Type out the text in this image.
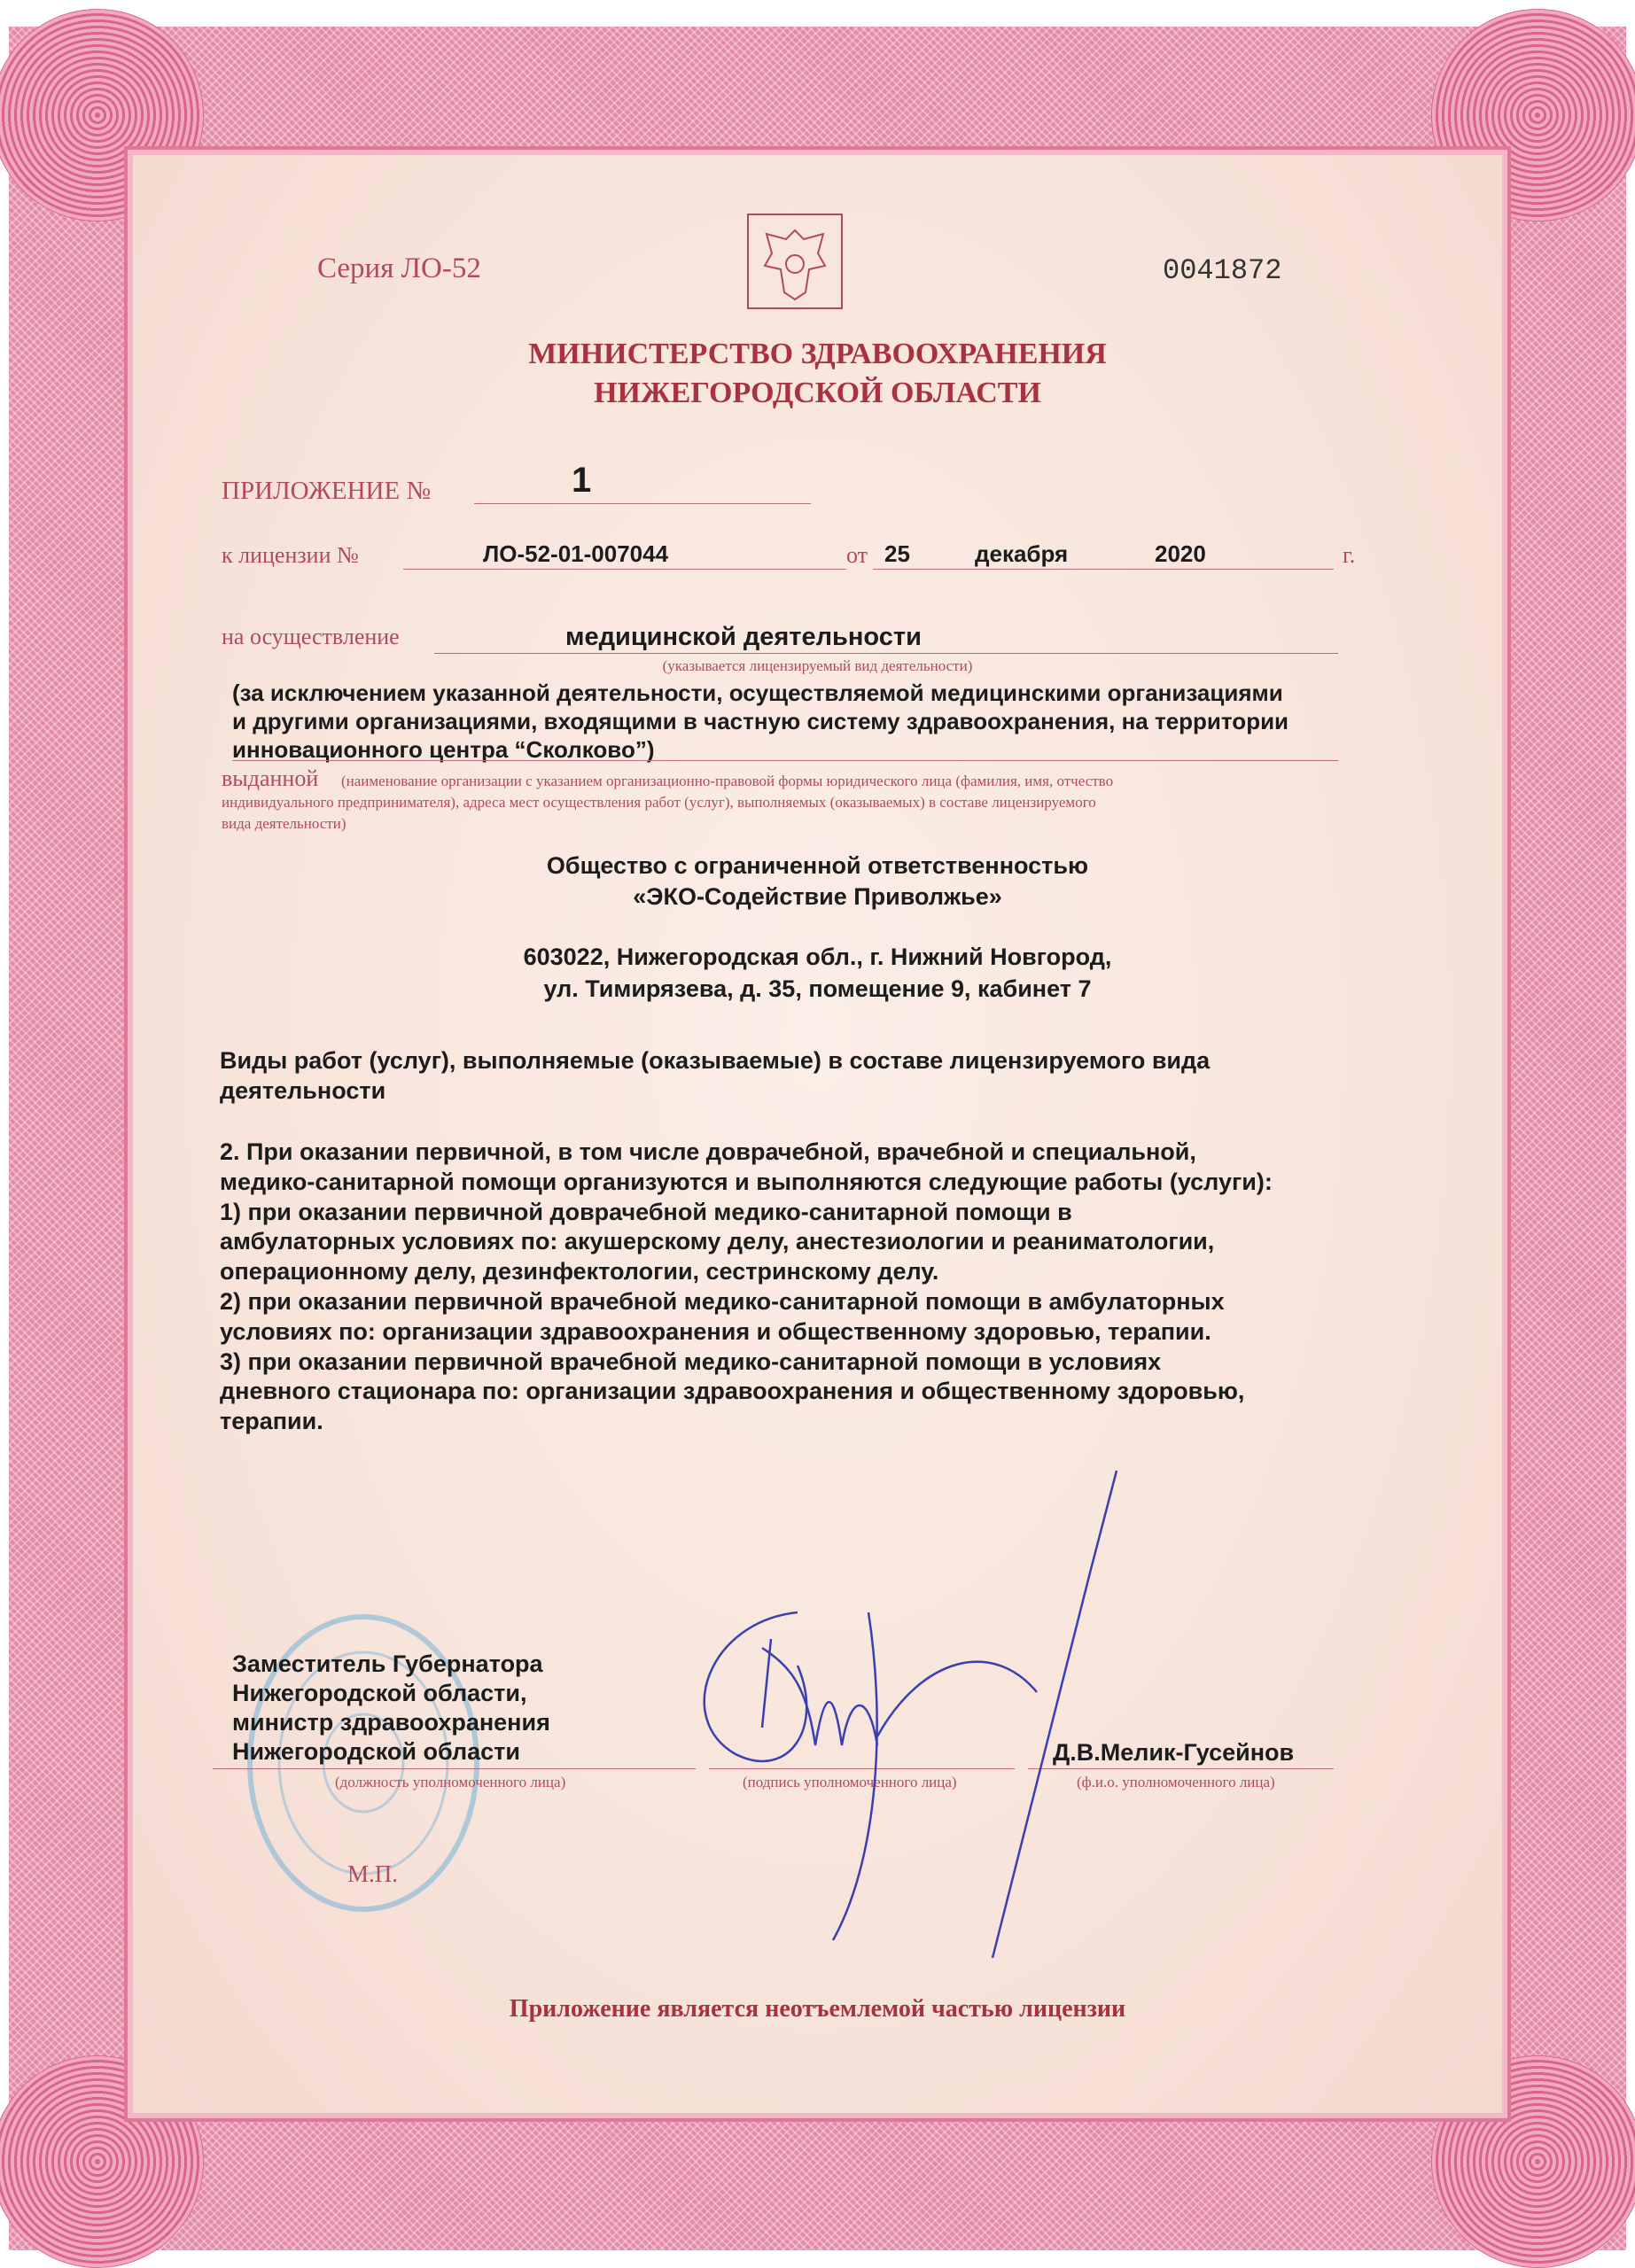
Серия ЛО-52	0041872
МИНИСТЕРСТВО ЗДРАВООХРАНЕНИЯ
НИЖЕГОРОДСКОЙ ОБЛАСТИ
ПРИЛОЖЕНИЕ №	1
к лицензии №	ЛО-52-01-007044	от 25	декабря	2020	г.
на осуществление	медицинской деятельности
(указывается лицензируемый вид деятельности)
(за исключением указанной деятельности, осуществляемой медицинскими организациями
и другими организациями, входящими в частную систему здравоохранения, на территории
инновационного центра “Сколково”)
выданной	(наименование организации с указанием организационно-правовой формы юридического лица (фамилия, имя, отчество
индивидуального предпринимателя), адреса мест осуществления работ (услуг), выполняемых (оказываемых) в составе лицензируемого
вида деятельности)
Общество с ограниченной ответственностью
«ЭКО-Содействие Приволжье»
603022, Нижегородская обл., г. Нижний Новгород,
ул. Тимирязева, д. 35, помещение 9, кабинет 7
Виды работ (услуг), выполняемые (оказываемые) в составе лицензируемого вида
деятельности
2. При оказании первичной, в том числе доврачебной, врачебной и специальной,
медико-санитарной помощи организуются и выполняются следующие работы (услуги):
1) при оказании первичной доврачебной медико-санитарной помощи в
амбулаторных условиях по: акушерскому делу, анестезиологии и реаниматологии,
операционному делу, дезинфектологии, сестринскому делу.
2) при оказании первичной врачебной медико-санитарной помощи в амбулаторных
условиях по: организации здравоохранения и общественному здоровью, терапии.
3) при оказании первичной врачебной медико-санитарной помощи в условиях
дневного стационара по: организации здравоохранения и общественному здоровью,
терапии.
Заместитель Губернатора
Нижегородской области,
министр здравоохранения
Нижегородской области
(должность уполномоченного лица)	(подпись уполномоченного лица)	(ф.и.о. уполномоченного лица)
Д.В.Мелик-Гусейнов
М.П.
Приложение является неотъемлемой частью лицензии
